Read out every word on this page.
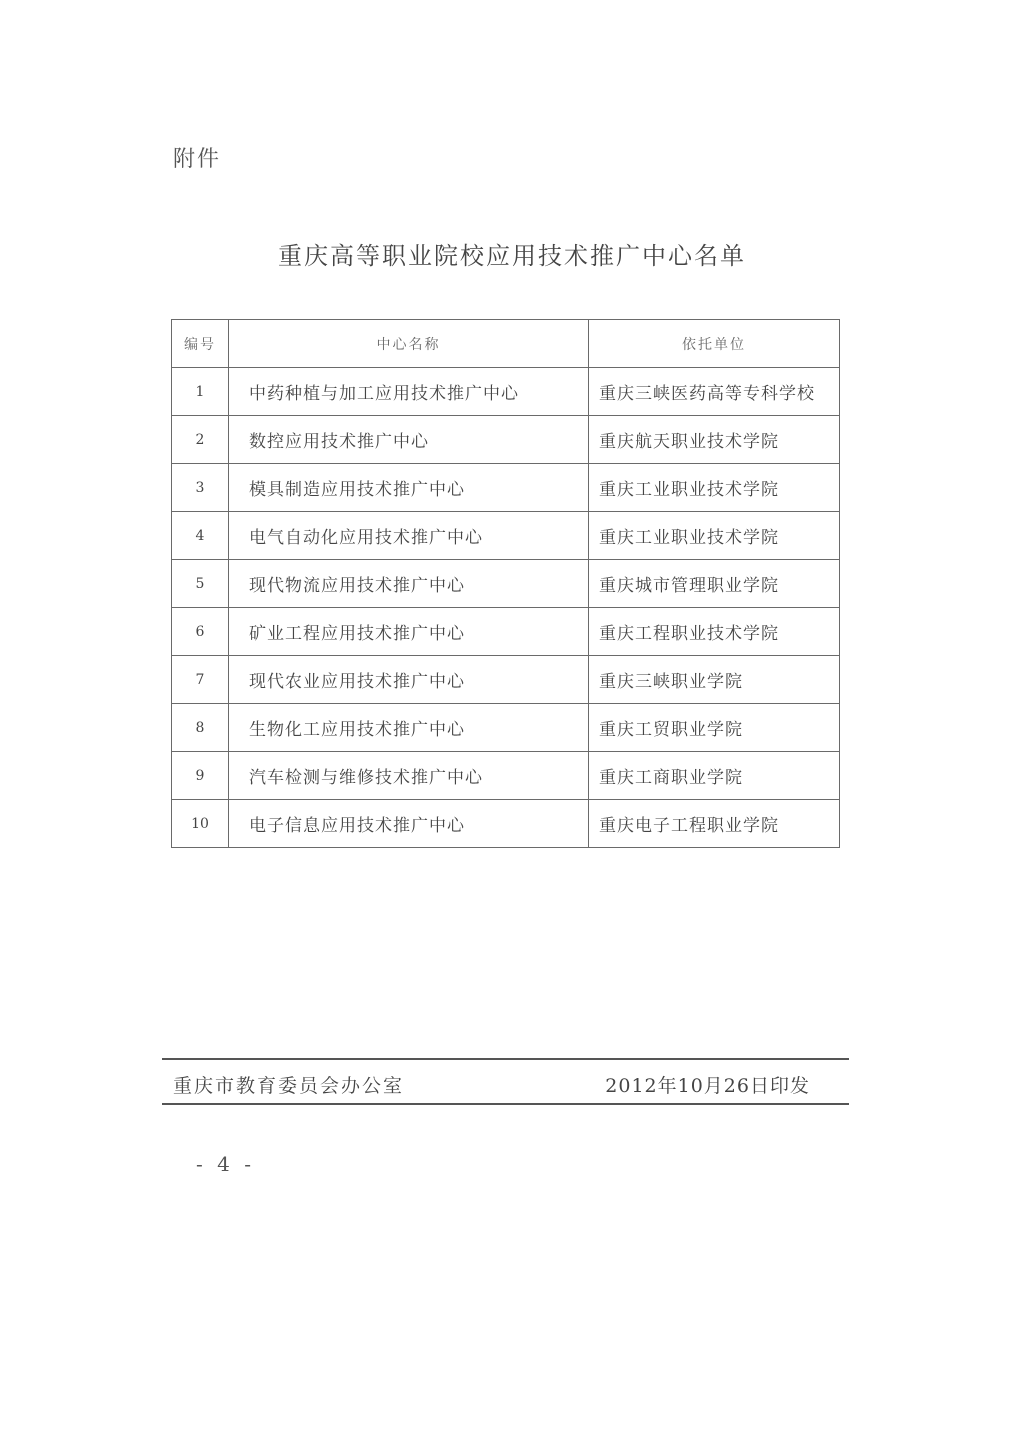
附件
重庆高等职业院校应用技术推广中心名单
编号	中心名称	依托单位
1	中药种植与加工应用技术推广中心	重庆三峡医药高等专科学校
2	数控应用技术推广中心	重庆航天职业技术学院
3	模具制造应用技术推广中心	重庆工业职业技术学院
4	电气自动化应用技术推广中心	重庆工业职业技术学院
5	现代物流应用技术推广中心	重庆城市管理职业学院
6	矿业工程应用技术推广中心	重庆工程职业技术学院
7	现代农业应用技术推广中心	重庆三峡职业学院
8	生物化工应用技术推广中心	重庆工贸职业学院
9	汽车检测与维修技术推广中心	重庆工商职业学院
10	电子信息应用技术推广中心	重庆电子工程职业学院
重庆市教育委员会办公室	2012年10月26日印发
- 4 -
